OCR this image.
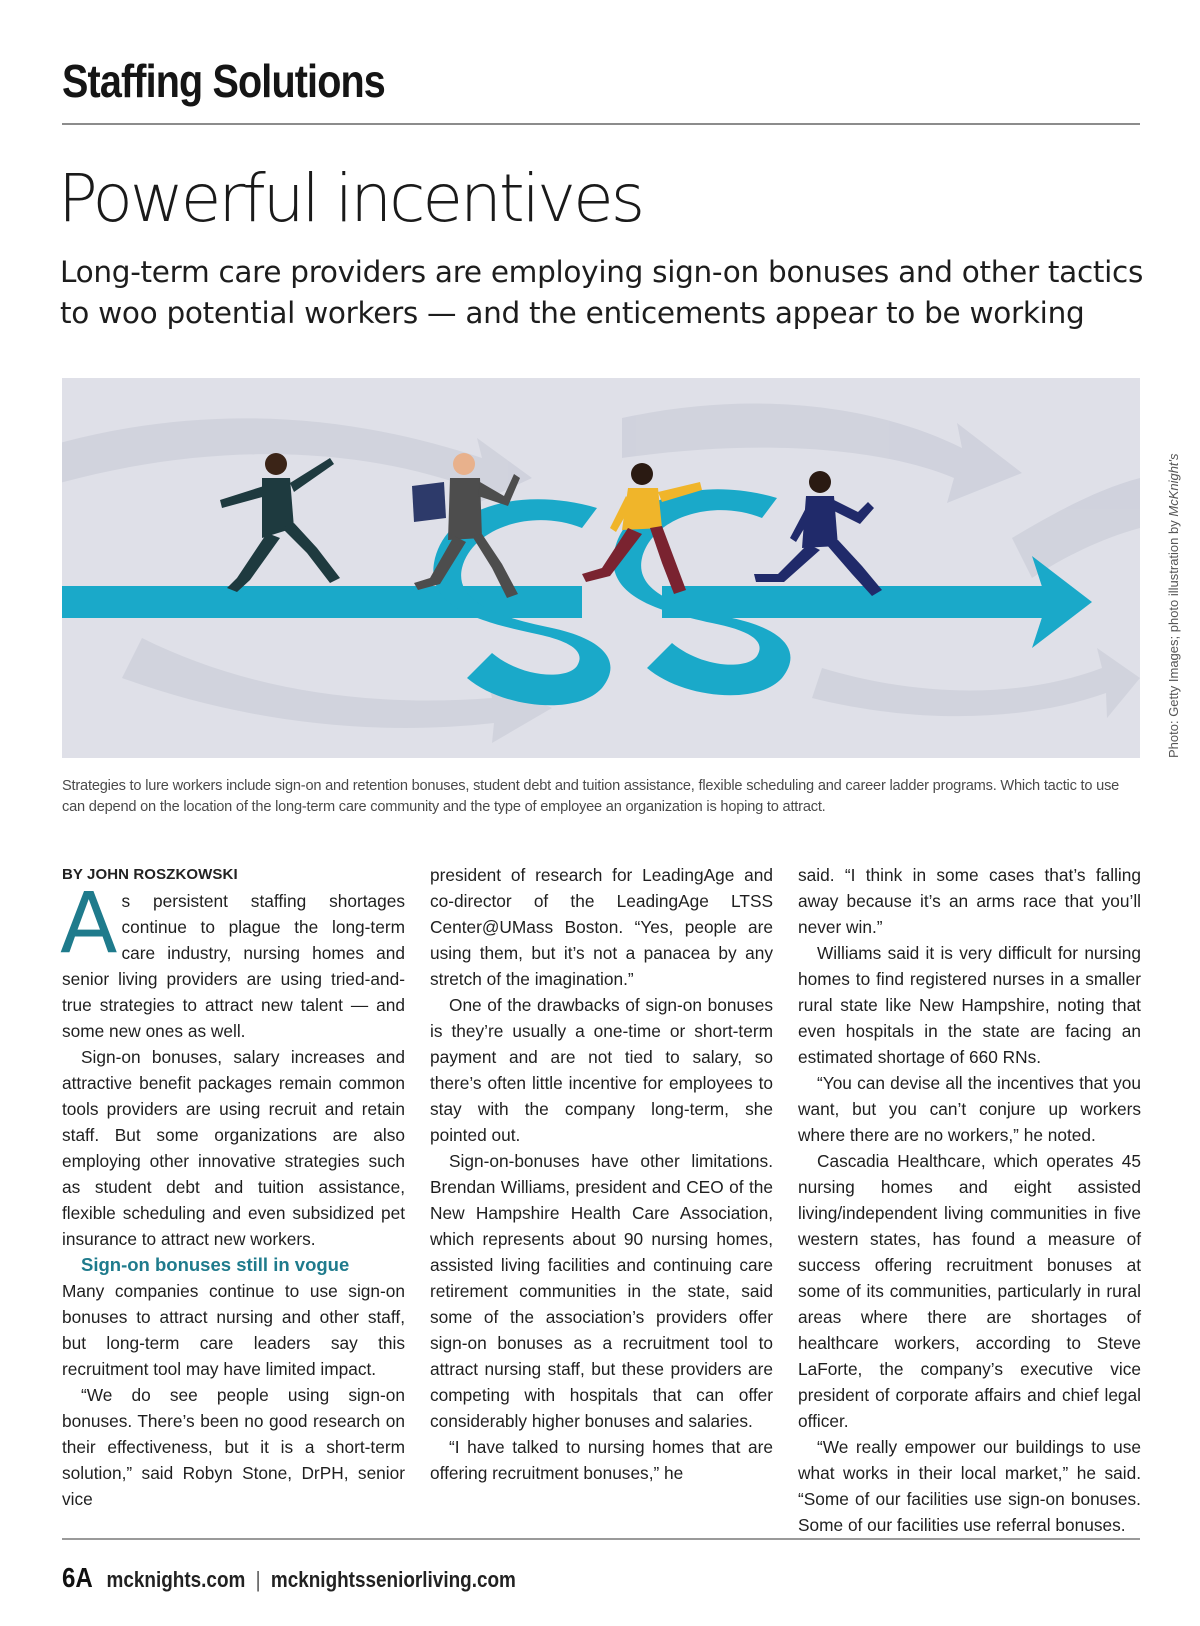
Staffing Solutions
Powerful incentives

Long-term care providers are employing sign-on bonuses and other tactics to woo potential workers — and the enticements appear to be working

Photo: Getty Images; photo illustration by McKnight's

Strategies to lure workers include sign-on and retention bonuses, student debt and tuition assistance, flexible scheduling and career ladder programs. Which tactic to use can depend on the location of the long-term care community and the type of employee an organization is hoping to attract.

BY JOHN ROSZKOWSKI

As persistent staffing shortages continue to plague the long-term care industry, nursing homes and senior living providers are using tried-and-true strategies to attract new talent — and some new ones as well.

Sign-on bonuses, salary increases and attractive benefit packages remain common tools providers are using recruit and retain staff. But some organizations are also employing other innovative strategies such as student debt and tuition assistance, flexible scheduling and even subsidized pet insurance to attract new workers.

Sign-on bonuses still in vogue

Many companies continue to use sign-on bonuses to attract nursing and other staff, but long-term care leaders say this recruitment tool may have limited impact.

“We do see people using sign-on bonuses. There’s been no good research on their effectiveness, but it is a short-term solution,” said Robyn Stone, DrPH, senior vice

president of research for LeadingAge and co-director of the LeadingAge LTSS Center@UMass Boston. “Yes, people are using them, but it’s not a panacea by any stretch of the imagination.”

One of the drawbacks of sign-on bonuses is they’re usually a one-time or short-term payment and are not tied to salary, so there’s often little incentive for employees to stay with the company long-term, she pointed out.

Sign-on-bonuses have other limitations. Brendan Williams, president and CEO of the New Hampshire Health Care Association, which represents about 90 nursing homes, assisted living facilities and continuing care retirement communities in the state, said some of the association’s providers offer sign-on bonuses as a recruitment tool to attract nursing staff, but these providers are competing with hospitals that can offer considerably higher bonuses and salaries.

“I have talked to nursing homes that are offering recruitment bonuses,” he

said. “I think in some cases that’s falling away because it’s an arms race that you’ll never win.”

Williams said it is very difficult for nursing homes to find registered nurses in a smaller rural state like New Hampshire, noting that even hospitals in the state are facing an estimated shortage of 660 RNs.

“You can devise all the incentives that you want, but you can’t conjure up workers where there are no workers,” he noted.

Cascadia Healthcare, which operates 45 nursing homes and eight assisted living/independent living communities in five western states, has found a measure of success offering recruitment bonuses at some of its communities, particularly in rural areas where there are shortages of healthcare workers, according to Steve LaForte, the company’s executive vice president of corporate affairs and chief legal officer.

“We really empower our buildings to use what works in their local market,” he said. “Some of our facilities use sign-on bonuses. Some of our facilities use referral bonuses.

6A mcknights.com | mcknightsseniorliving.com
